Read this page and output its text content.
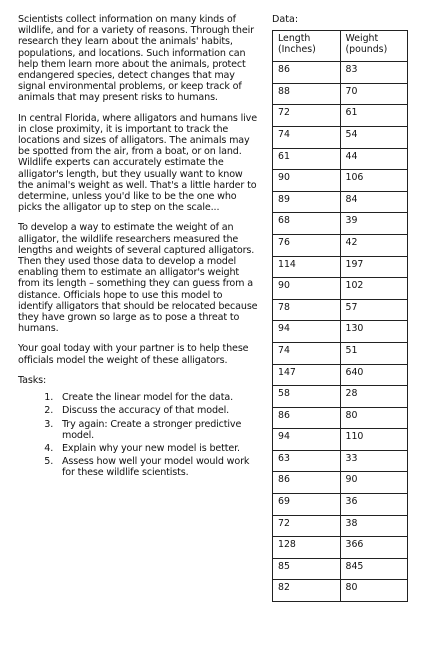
Scientists collect information on many kinds of wildlife, and for a variety of reasons. Through their research they learn about the animals' habits, populations, and locations. Such information can help them learn more about the animals, protect endangered species, detect changes that may signal environmental problems, or keep track of animals that may present risks to humans.

In central Florida, where alligators and humans live in close proximity, it is important to track the locations and sizes of alligators. The animals may be spotted from the air, from a boat, or on land. Wildlife experts can accurately estimate the alligator's length, but they usually want to know the animal's weight as well. That's a little harder to determine, unless you'd like to be the one who picks the alligator up to step on the scale...

To develop a way to estimate the weight of an alligator, the wildlife researchers measured the lengths and weights of several captured alligators. Then they used those data to develop a model enabling them to estimate an alligator's weight from its length – something they can guess from a distance. Officials hope to use this model to identify alligators that should be relocated because they have grown so large as to pose a threat to humans.

Your goal today with your partner is to help these officials model the weight of these alligators.

Tasks:
1. Create the linear model for the data.
2. Discuss the accuracy of that model.
3. Try again: Create a stronger predictive model.
4. Explain why your new model is better.
5. Assess how well your model would work for these wildlife scientists.
Data:
Length (Inches)	Weight (pounds)
86	83
88	70
72	61
74	54
61	44
90	106
89	84
68	39
76	42
114	197
90	102
78	57
94	130
74	51
147	640
58	28
86	80
94	110
63	33
86	90
69	36
72	38
128	366
85	845
82	80
